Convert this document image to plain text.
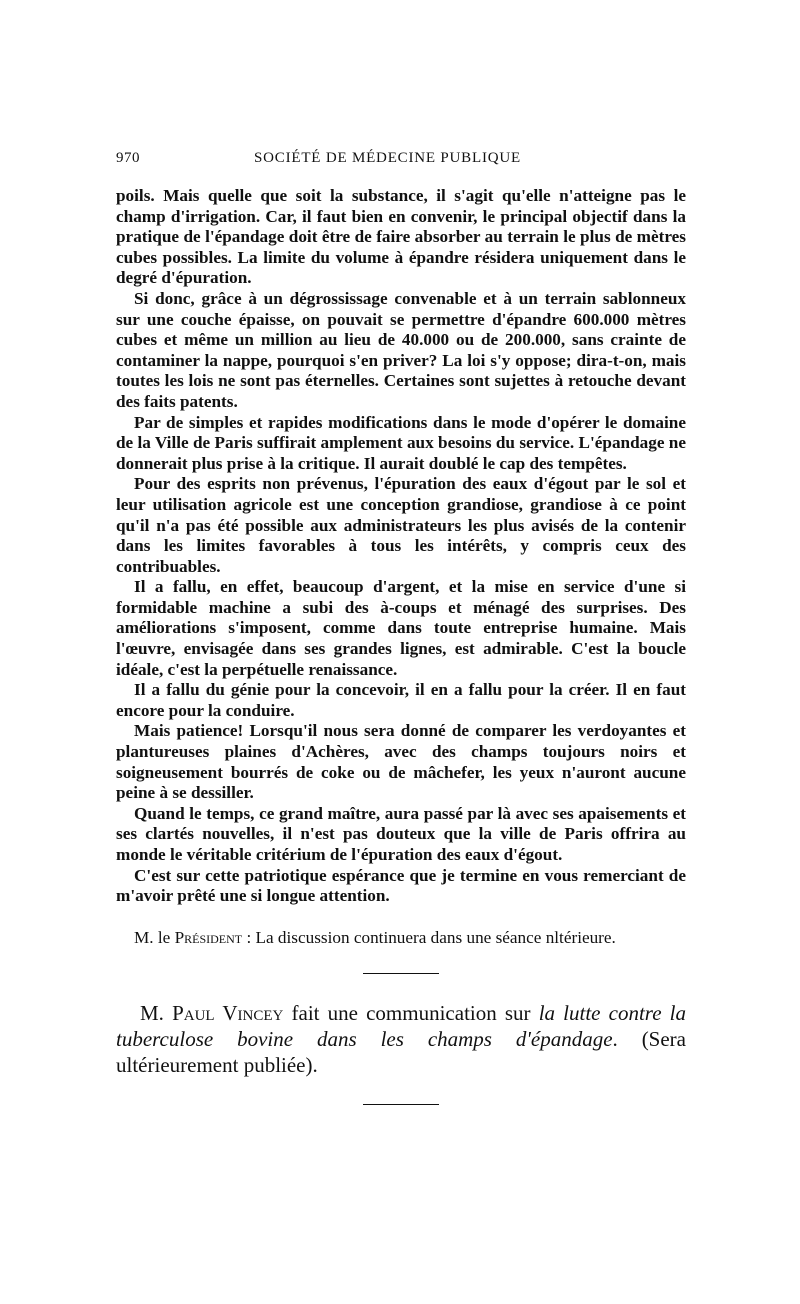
970	SOCIÉTÉ DE MÉDECINE PUBLIQUE

poils. Mais quelle que soit la substance, il s'agit qu'elle n'atteigne pas le champ d'irrigation. Car, il faut bien en convenir, le principal objectif dans la pratique de l'épandage doit être de faire absorber au terrain le plus de mètres cubes possibles. La limite du volume à épandre résidera uniquement dans le degré d'épuration.

Si donc, grâce à un dégrossissage convenable et à un terrain sablonneux sur une couche épaisse, on pouvait se permettre d'épandre 600.000 mètres cubes et même un million au lieu de 40.000 ou de 200.000, sans crainte de contaminer la nappe, pourquoi s'en priver? La loi s'y oppose; dira-t-on, mais toutes les lois ne sont pas éternelles. Certaines sont sujettes à retouche devant des faits patents.

Par de simples et rapides modifications dans le mode d'opérer le domaine de la Ville de Paris suffirait amplement aux besoins du service. L'épandage ne donnerait plus prise à la critique. Il aurait doublé le cap des tempêtes.

Pour des esprits non prévenus, l'épuration des eaux d'égout par le sol et leur utilisation agricole est une conception grandiose, grandiose à ce point qu'il n'a pas été possible aux administrateurs les plus avisés de la contenir dans les limites favorables à tous les intérêts, y compris ceux des contribuables.

Il a fallu, en effet, beaucoup d'argent, et la mise en service d'une si formidable machine a subi des à-coups et ménagé des surprises. Des améliorations s'imposent, comme dans toute entreprise humaine. Mais l'œuvre, envisagée dans ses grandes lignes, est admirable. C'est la boucle idéale, c'est la perpétuelle renaissance.

Il a fallu du génie pour la concevoir, il en a fallu pour la créer. Il en faut encore pour la conduire.

Mais patience! Lorsqu'il nous sera donné de comparer les verdoyantes et plantureuses plaines d'Achères, avec des champs toujours noirs et soigneusement bourrés de coke ou de mâchefer, les yeux n'auront aucune peine à se dessiller.

Quand le temps, ce grand maître, aura passé par là avec ses apaisements et ses clartés nouvelles, il n'est pas douteux que la ville de Paris offrira au monde le véritable critérium de l'épuration des eaux d'égout.

C'est sur cette patriotique espérance que je termine en vous remerciant de m'avoir prêté une si longue attention.

M. le Président : La discussion continuera dans une séance nltérieure.

M. Paul Vincey fait une communication sur la lutte contre la tuberculose bovine dans les champs d'épandage. (Sera ultérieurement publiée).
